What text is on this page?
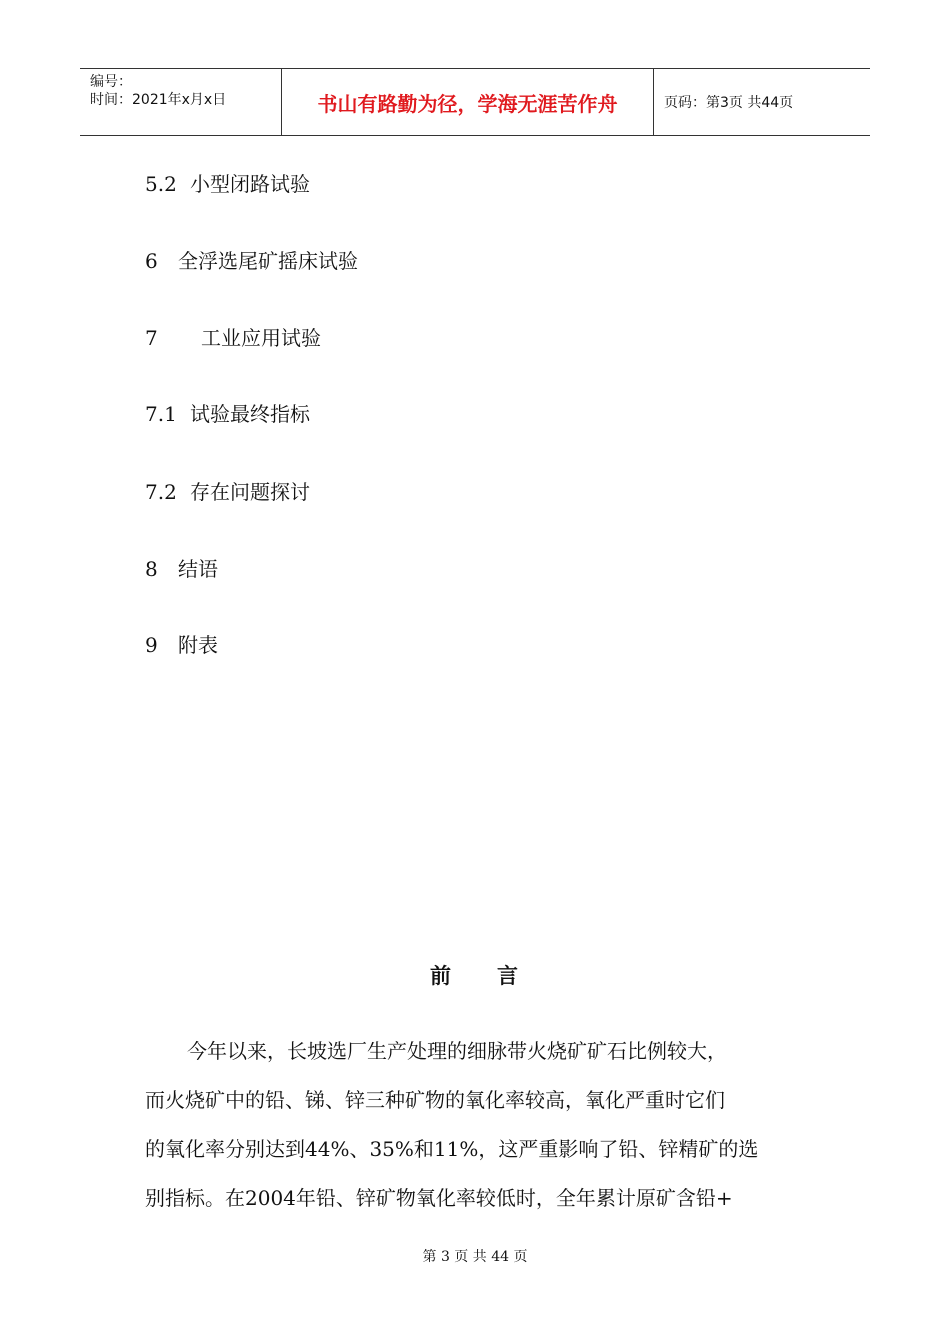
编号：
时间：2021年x月x日	书山有路勤为径，学海无涯苦作舟	页码：第3页 共44页
5.2 小型闭路试验
6 全浮选尾矿摇床试验
7 工业应用试验
7.1 试验最终指标
7.2 存在问题探讨
8 结语
9 附表
前 言

今年以来，长坡选厂生产处理的细脉带火烧矿矿石比例较大，

而火烧矿中的铅、锑、锌三种矿物的氧化率较高，氧化严重时它们

的氧化率分别达到44%、35%和11%，这严重影响了铅、锌精矿的选

别指标。在2004年铅、锌矿物氧化率较低时，全年累计原矿含铅+

第 3 页 共 44 页
